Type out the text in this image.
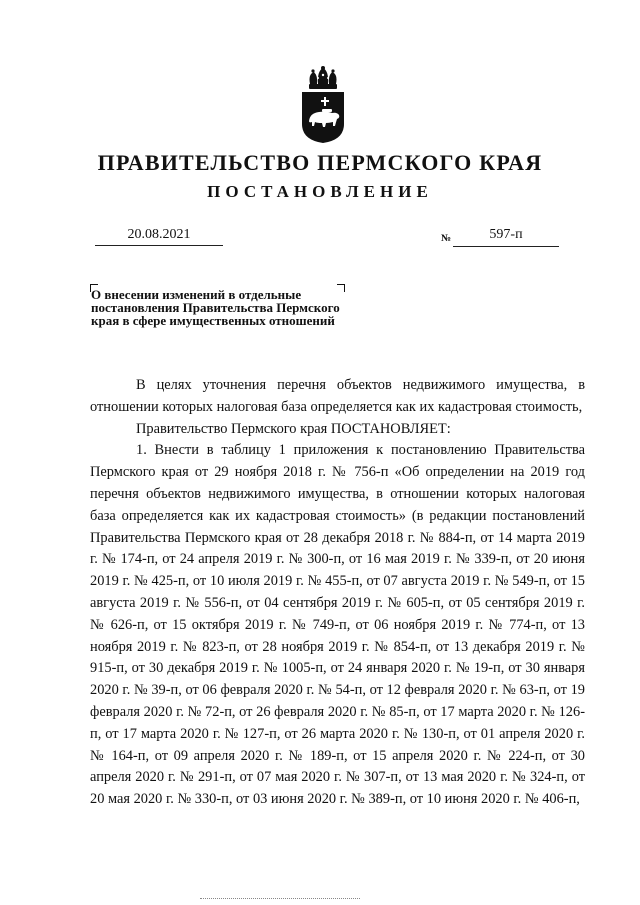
ПРАВИТЕЛЬСТВО ПЕРМСКОГО КРАЯ
ПОСТАНОВЛЕНИЕ
20.08.2021	№	597-п
О внесении изменений в отдельные
постановления Правительства Пермского
края в сфере имущественных отношений

В целях уточнения перечня объектов недвижимого имущества, в отношении которых налоговая база определяется как их кадастровая стоимость,

Правительство Пермского края ПОСТАНОВЛЯЕТ:

1. Внести в таблицу 1 приложения к постановлению Правительства Пермского края от 29 ноября 2018 г. № 756-п «Об определении на 2019 год перечня объектов недвижимого имущества, в отношении которых налоговая база определяется как их кадастровая стоимость» (в редакции постановлений Правительства Пермского края от 28 декабря 2018 г. № 884-п, от 14 марта 2019 г. № 174-п, от 24 апреля 2019 г. № 300-п, от 16 мая 2019 г. № 339-п, от 20 июня 2019 г. № 425-п, от 10 июля 2019 г. № 455-п, от 07 августа 2019 г. № 549-п, от 15 августа 2019 г. № 556-п, от 04 сентября 2019 г. № 605-п, от 05 сентября 2019 г. № 626-п, от 15 октября 2019 г. № 749-п, от 06 ноября 2019 г. № 774-п, от 13 ноября 2019 г. № 823-п, от 28 ноября 2019 г. № 854-п, от 13 декабря 2019 г. № 915-п, от 30 декабря 2019 г. № 1005-п, от 24 января 2020 г. № 19-п, от 30 января 2020 г. № 39-п, от 06 февраля 2020 г. № 54-п, от 12 февраля 2020 г. № 63-п, от 19 февраля 2020 г. № 72-п, от 26 февраля 2020 г. № 85-п, от 17 марта 2020 г. № 126-п, от 17 марта 2020 г. № 127-п, от 26 марта 2020 г. № 130-п, от 01 апреля 2020 г. № 164-п, от 09 апреля 2020 г. № 189-п, от 15 апреля 2020 г. № 224-п, от 30 апреля 2020 г. № 291-п, от 07 мая 2020 г. № 307-п, от 13 мая 2020 г. № 324-п, от 20 мая 2020 г. № 330-п, от 03 июня 2020 г. № 389-п, от 10 июня 2020 г. № 406-п,
